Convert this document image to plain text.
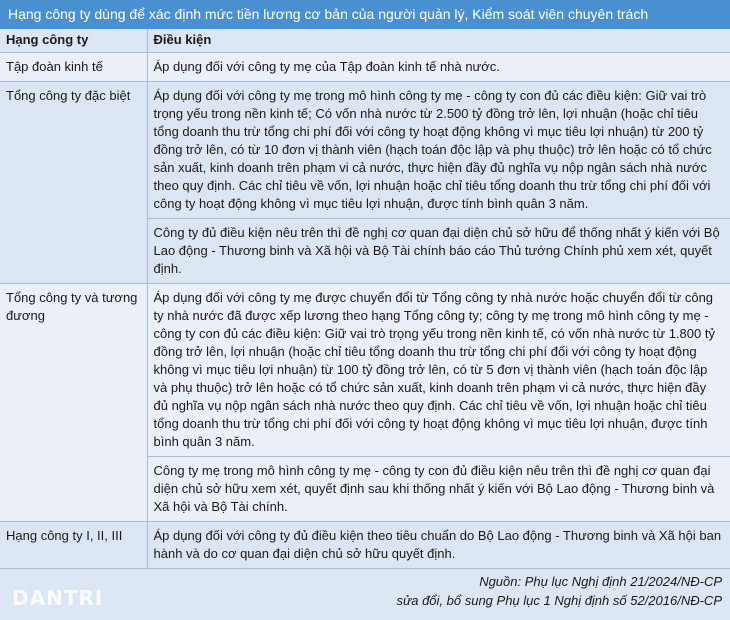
Hạng công ty dùng để xác định mức tiền lương cơ bản của người quản lý, Kiểm soát viên chuyên trách
Hạng công ty	Điều kiện
Tập đoàn kinh tế	Áp dụng đối với công ty mẹ của Tập đoàn kinh tế nhà nước.
Tổng công ty đặc biệt	Áp dụng đối với công ty mẹ trong mô hình công ty mẹ - công ty con đủ các điều kiện: Giữ vai trò trọng yếu trong nền kinh tế; Có vốn nhà nước từ 2.500 tỷ đồng trở lên, lợi nhuận (hoặc chỉ tiêu tổng doanh thu trừ tổng chi phí đối với công ty hoạt động không vì mục tiêu lợi nhuận) từ 200 tỷ đồng trở lên, có từ 10 đơn vị thành viên (hạch toán độc lập và phụ thuộc) trở lên hoặc có tổ chức sản xuất, kinh doanh trên phạm vi cả nước, thực hiện đầy đủ nghĩa vụ nộp ngân sách nhà nước theo quy định. Các chỉ tiêu về vốn, lợi nhuận hoặc chỉ tiêu tổng doanh thu trừ tổng chi phí đối với công ty hoạt động không vì mục tiêu lợi nhuận, được tính bình quân 3 năm.
	Công ty đủ điều kiện nêu trên thì đề nghị cơ quan đại diện chủ sở hữu để thống nhất ý kiến với Bộ Lao động - Thương binh và Xã hội và Bộ Tài chính báo cáo Thủ tướng Chính phủ xem xét, quyết định.
Tổng công ty và tương đương	Áp dụng đối với công ty mẹ được chuyển đổi từ Tổng công ty nhà nước hoặc chuyển đổi từ công ty nhà nước đã được xếp lương theo hạng Tổng công ty; công ty mẹ trong mô hình công ty mẹ - công ty con đủ các điều kiện: Giữ vai trò trọng yếu trong nền kinh tế, có vốn nhà nước từ 1.800 tỷ đồng trở lên, lợi nhuận (hoặc chỉ tiêu tổng doanh thu trừ tổng chi phí đối với công ty hoạt động không vì mục tiêu lợi nhuận) từ 100 tỷ đồng trở lên, có từ 5 đơn vị thành viên (hạch toán độc lập và phụ thuộc) trở lên hoặc có tổ chức sản xuất, kinh doanh trên phạm vi cả nước, thực hiện đầy đủ nghĩa vụ nộp ngân sách nhà nước theo quy định. Các chỉ tiêu về vốn, lợi nhuận hoặc chỉ tiêu tổng doanh thu trừ tổng chi phí đối với công ty hoạt động không vì mục tiêu lợi nhuận, được tính bình quân 3 năm.
	Công ty mẹ trong mô hình công ty mẹ - công ty con đủ điều kiện nêu trên thì đề nghị cơ quan đại diện chủ sở hữu xem xét, quyết định sau khi thống nhất ý kiến với Bộ Lao động - Thương binh và Xã hội và Bộ Tài chính.
Hạng công ty I, II, III	Áp dụng đối với công ty đủ điều kiện theo tiêu chuẩn do Bộ Lao động - Thương binh và Xã hội ban hành và do cơ quan đại diện chủ sở hữu quyết định.
DANTRI
Nguồn: Phụ lục Nghị định 21/2024/NĐ-CP
sửa đổi, bổ sung Phụ lục 1 Nghị định số 52/2016/NĐ-CP
